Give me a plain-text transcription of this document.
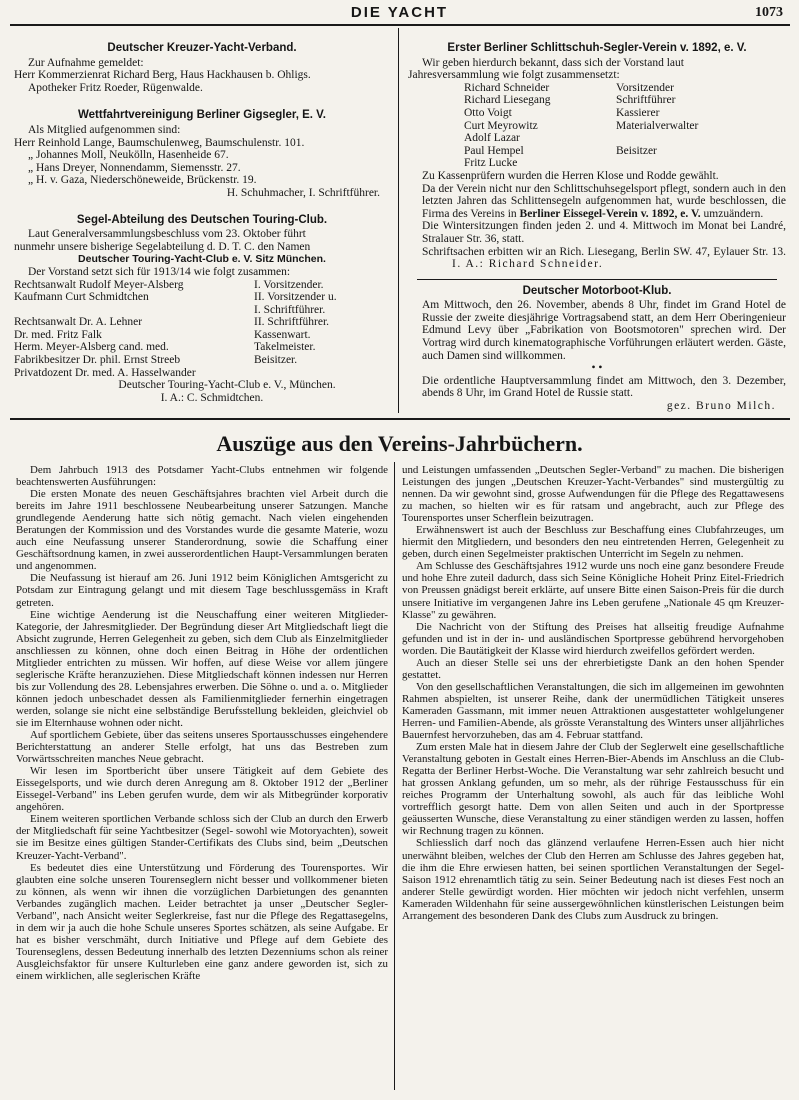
DIE YACHT	1073
Deutscher Kreuzer-Yacht-Verband.

Zur Aufnahme gemeldet:

Herr Kommerzienrat Richard Berg, Haus Hackhausen b. Ohligs.

Apotheker Fritz Roeder, Rügenwalde.

Wettfahrtvereinigung Berliner Gigsegler, E. V.

Als Mitglied aufgenommen sind:

Herr Reinhold Lange, Baumschulenweg, Baumschulenstr. 101.

„ Johannes Moll, Neukölln, Hasenheide 67.

„ Hans Dreyer, Nonnendamm, Siemensstr. 27.

„ H. v. Gaza, Niederschöneweide, Brückenstr. 19.

H. Schuhmacher, I. Schriftführer.

Segel-Abteilung des Deutschen Touring-Club.

Laut Generalversammlungsbeschluss vom 23. Oktober führt

nunmehr unsere bisherige Segelabteilung d. D. T. C. den Namen

Deutscher Touring-Yacht-Club e. V. Sitz München.

Der Vorstand setzt sich für 1913/14 wie folgt zusammen:

Rechtsanwalt Rudolf Meyer-Alsberg	I. Vorsitzender.
Kaufmann Curt Schmidtchen	II. Vorsitzender u.
I. Schriftführer.
Rechtsanwalt Dr. A. Lehner	II. Schriftführer.
Dr. med. Fritz Falk	Kassenwart.
Herm. Meyer-Alsberg cand. med.	Takelmeister.
Fabrikbesitzer Dr. phil. Ernst Streeb	Beisitzer.
Privatdozent Dr. med. A. Hasselwander

Deutscher Touring-Yacht-Club e. V., München.

I. A.: C. Schmidtchen.

Erster Berliner Schlittschuh-Segler-Verein v. 1892, e. V.

Wir geben hierdurch bekannt, dass sich der Vorstand laut

Jahresversammlung wie folgt zusammensetzt:

Richard Schneider	Vorsitzender
Richard Liesegang	Schriftführer
Otto Voigt	Kassierer
Curt Meyrowitz	Materialverwalter
Adolf Lazar
Paul Hempel	Beisitzer
Fritz Lucke

Zu Kassenprüfern wurden die Herren Klose und Rodde gewählt.

Da der Verein nicht nur den Schlittschuhsegelsport pflegt, sondern auch in den letzten Jahren das Schlittensegeln aufgenommen hat, wurde beschlossen, die Firma des Vereins in Berliner Eissegel-Verein v. 1892, e. V. umzuändern.

Die Wintersitzungen finden jeden 2. und 4. Mittwoch im Monat bei Landré, Stralauer Str. 36, statt.

Schriftsachen erbitten wir an Rich. Liesegang, Berlin SW. 47, Eylauer Str. 13. I. A.: Richard Schneider.

Deutscher Motorboot-Klub.

Am Mittwoch, den 26. November, abends 8 Uhr, findet im Grand Hotel de Russie der zweite diesjährige Vortragsabend statt, an dem Herr Oberingenieur Edmund Levy über „Fabrikation von Bootsmotoren" sprechen wird. Der Vortrag wird durch kinematographische Vorführungen erläutert werden. Gäste, auch Damen sind willkommen.

• •

Die ordentliche Hauptversammlung findet am Mittwoch, den 3. Dezember, abends 8 Uhr, im Grand Hotel de Russie statt.

gez. Bruno Milch.

Auszüge aus den Vereins-Jahrbüchern.

Dem Jahrbuch 1913 des Potsdamer Yacht-Clubs entnehmen wir folgende beachtenswerten Ausführungen:

Die ersten Monate des neuen Geschäftsjahres brachten viel Arbeit durch die bereits im Jahre 1911 beschlossene Neubearbeitung unserer Satzungen. Manche grundlegende Aenderung hatte sich nötig gemacht. Nach vielen eingehenden Beratungen der Kommission und des Vorstandes wurde die gesamte Materie, wozu auch eine Neufassung unserer Standerordnung, sowie die Schaffung einer Geschäftsordnung kamen, in zwei ausserordentlichen Haupt-Versammlungen beraten und angenommen.

Die Neufassung ist hierauf am 26. Juni 1912 beim Königlichen Amtsgericht zu Potsdam zur Eintragung gelangt und mit diesem Tage beschlussgemäss in Kraft getreten.

Eine wichtige Aenderung ist die Neuschaffung einer weiteren Mitglieder-Kategorie, der Jahresmitglieder. Der Begründung dieser Art Mitgliedschaft liegt die Absicht zugrunde, Herren Gelegenheit zu geben, sich dem Club als Einzelmitglieder anschliessen zu können, ohne doch einen Beitrag in Höhe der ordentlichen Mitglieder entrichten zu müssen. Wir hoffen, auf diese Weise vor allem jüngere seglerische Kräfte heranzuziehen. Diese Mitgliedschaft können indessen nur Herren bis zur Vollendung des 28. Lebensjahres erwerben. Die Söhne o. und a. o. Mitglieder können jedoch unbeschadet dessen als Familienmitglieder fernerhin eingetragen werden, solange sie nicht eine selbständige Berufsstellung bekleiden, gleichviel ob sie im Elternhause wohnen oder nicht.

Auf sportlichem Gebiete, über das seitens unseres Sportausschusses eingehendere Berichterstattung an anderer Stelle erfolgt, hat uns das Bestreben zum Vorwärtsschreiten manches Neue gebracht.

Wir lesen im Sportbericht über unsere Tätigkeit auf dem Gebiete des Eissegelsports, und wie durch deren Anregung am 8. Oktober 1912 der „Berliner Eissegel-Verband" ins Leben gerufen wurde, dem wir als Mitbegründer korporativ angehören.

Einem weiteren sportlichen Verbande schloss sich der Club an durch den Erwerb der Mitgliedschaft für seine Yachtbesitzer (Segel- sowohl wie Motoryachten), soweit sie im Besitze eines gültigen Stander-Certifikats des Clubs sind, beim „Deutschen Kreuzer-Yacht-Verband".

Es bedeutet dies eine Unterstützung und Förderung des Tourensportes. Wir glaubten eine solche unseren Tourenseglern nicht besser und vollkommener bieten zu können, als wenn wir ihnen die vorzüglichen Darbietungen des genannten Verbandes zugänglich machen. Leider betrachtet ja unser „Deutscher Segler-Verband", nach Ansicht weiter Seglerkreise, fast nur die Pflege des Regattasegelns, in dem wir ja auch die hohe Schule unseres Sportes schätzen, als seine Aufgabe. Er hat es bisher verschmäht, durch Initiative und Pflege auf dem Gebiete des Tourenseglens, dessen Bedeutung innerhalb des letzten Dezenniums schon als reiner Ausgleichsfaktor für unsere Kulturleben eine ganz andere geworden ist, sich zu einem wirklichen, alle seglerischen Kräfte

und Leistungen umfassenden „Deutschen Segler-Verband" zu machen. Die bisherigen Leistungen des jungen „Deutschen Kreuzer-Yacht-Verbandes" sind mustergültig zu nennen. Da wir gewohnt sind, grosse Aufwendungen für die Pflege des Regattawesens zu machen, so hielten wir es für ratsam und angebracht, auch zur Pflege des Tourensportes unser Scherflein beizutragen.

Erwähnenswert ist auch der Beschluss zur Beschaffung eines Clubfahrzeuges, um hiermit den Mitgliedern, und besonders den neu eintretenden Herren, Gelegenheit zu geben, durch einen Segelmeister praktischen Unterricht im Segeln zu nehmen.

Am Schlusse des Geschäftsjahres 1912 wurde uns noch eine ganz besondere Freude und hohe Ehre zuteil dadurch, dass sich Seine Königliche Hoheit Prinz Eitel-Friedrich von Preussen gnädigst bereit erklärte, auf unsere Bitte einen Saison-Preis für die durch unsere Initiative im vergangenen Jahre ins Leben gerufene „Nationale 45 qm Kreuzer-Klasse" zu gewähren.

Die Nachricht von der Stiftung des Preises hat allseitig freudige Aufnahme gefunden und ist in der in- und ausländischen Sportpresse gebührend hervorgehoben worden. Die Bautätigkeit der Klasse wird hierdurch zweifellos gefördert werden.

Auch an dieser Stelle sei uns der ehrerbietigste Dank an den hohen Spender gestattet.

Von den gesellschaftlichen Veranstaltungen, die sich im allgemeinen im gewohnten Rahmen abspielten, ist unserer Reihe, dank der unermüdlichen Tätigkeit unseres Kameraden Gassmann, mit immer neuen Attraktionen ausgestatteter wohlgelungener Herren- und Familien-Abende, als grösste Veranstaltung des Winters unser alljährliches Bauernfest hervorzuheben, das am 4. Februar stattfand.

Zum ersten Male hat in diesem Jahre der Club der Seglerwelt eine gesellschaftliche Veranstaltung geboten in Gestalt eines Herren-Bier-Abends im Anschluss an die Club-Regatta der Berliner Herbst-Woche. Die Veranstaltung war sehr zahlreich besucht und hat grossen Anklang gefunden, um so mehr, als der rührige Festausschuss für ein reiches Programm der Unterhaltung sowohl, als auch für das leibliche Wohl vortrefflich gesorgt hatte. Dem von allen Seiten und auch in der Sportpresse geäusserten Wunsche, diese Veranstaltung zu einer ständigen werden zu lassen, hoffen wir Rechnung tragen zu können.

Schliesslich darf noch das glänzend verlaufene Herren-Essen auch hier nicht unerwähnt bleiben, welches der Club den Herren am Schlusse des Jahres gegeben hat, die ihm die Ehre erwiesen hatten, bei seinen sportlichen Veranstaltungen der Segel-Saison 1912 ehrenamtlich tätig zu sein. Seiner Bedeutung nach ist dieses Fest noch an anderer Stelle gewürdigt worden. Hier möchten wir jedoch nicht verfehlen, unserm Kameraden Wildenhahn für seine aussergewöhnlichen künstlerischen Leistungen beim Arrangement des besonderen Dank des Clubs zum Ausdruck zu bringen.
